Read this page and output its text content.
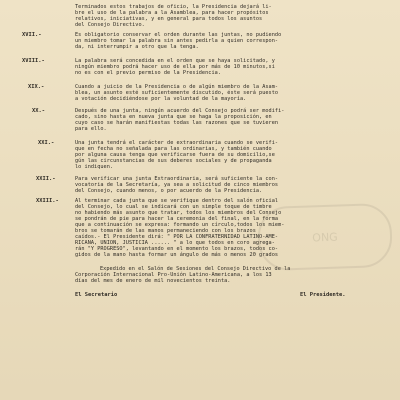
XVII.-
XVIII.-
XIX.-
XX.-
XXI.-
XXII.-
XXIII.-
Terminados estos trabajos de oficio, la Presidencia dejará li-
bre el uso de la palabra a la Asamblea, para hacer propósitos
relativos, iniciativas, y en general para todos los asuntos
del Consejo Directivo.
Es obligatorio conservar el orden durante las juntas, no pudiendo
un miembro tomar la palabra sin antes pedirla a quien correspon-
da, ni interrumpir a otro que la tenga.
La palabra será concedida en el orden que se haya solicitado, y
ningún miembro podrá hacer uso de ella por más de 10 minutos,si
no es con el previo permiso de la Presidencia.
Cuando a juicio de la Presidencia o de algún miembro de la Asam-
blea, un asunto esté suficientemente discutido, éste será puesto
a votación decidiéndose por la voluntad de la mayoría.
Después de una junta, ningún acuerdo del Consejo podrá ser modifi-
cado, sino hasta en nueva junta que se haga la proposición, en
cuyo caso se harán manifiestas todas las razones que se tuvieren
para ello.
Una junta tendrá el carácter de extraordinaria cuando se verifi-
que en fecha no señalada para las ordinarias, y también cuando
por alguna causa tenga que verificarse fuera de su domicilio,se
gún las circunstancias de sus deberes sociales y de propaganda
lo indiquen.
Para verificar una junta Extraordinaria, será suficiente la con-
vocatoria de la Secretaría, ya sea a solicitud de cinco miembros
del Consejo, cuando menos, o por acuerdo de la Presidencia.
Al terminar cada junta que se verifique dentro del salón oficial
del Consejo, lo cual se indicará con un simple toque de timbre
no habiendo más asunto que tratar, todos los miembros del Consejo
se pondrán de pie para hacer la ceremonia del final, en la forma
que a continuación se expresa: formando un círculo,todos los miem-
bros se tomarán de las manos permaneciendo con los brazos
caídos.- El Presidente dirá: " POR LA CONFRATERNIDAD LATINO-AME-
RICANA, UNION, JUSTICIA ...... " a lo que todos en coro agrega-
rán "Y PROGRESO", levantando en el momento los brazos, todos co-
gidos de la mano hasta formar un ángulo de más o menos 20 grados
Expedido en el Salón de Sesiones del Consejo Directivo de la
Corporación Internacional Pro-Unión Latino-Americana, a los 13
días del mes de enero de mil novecientos treinta.
ONG
El Secretario	El Presidente.
